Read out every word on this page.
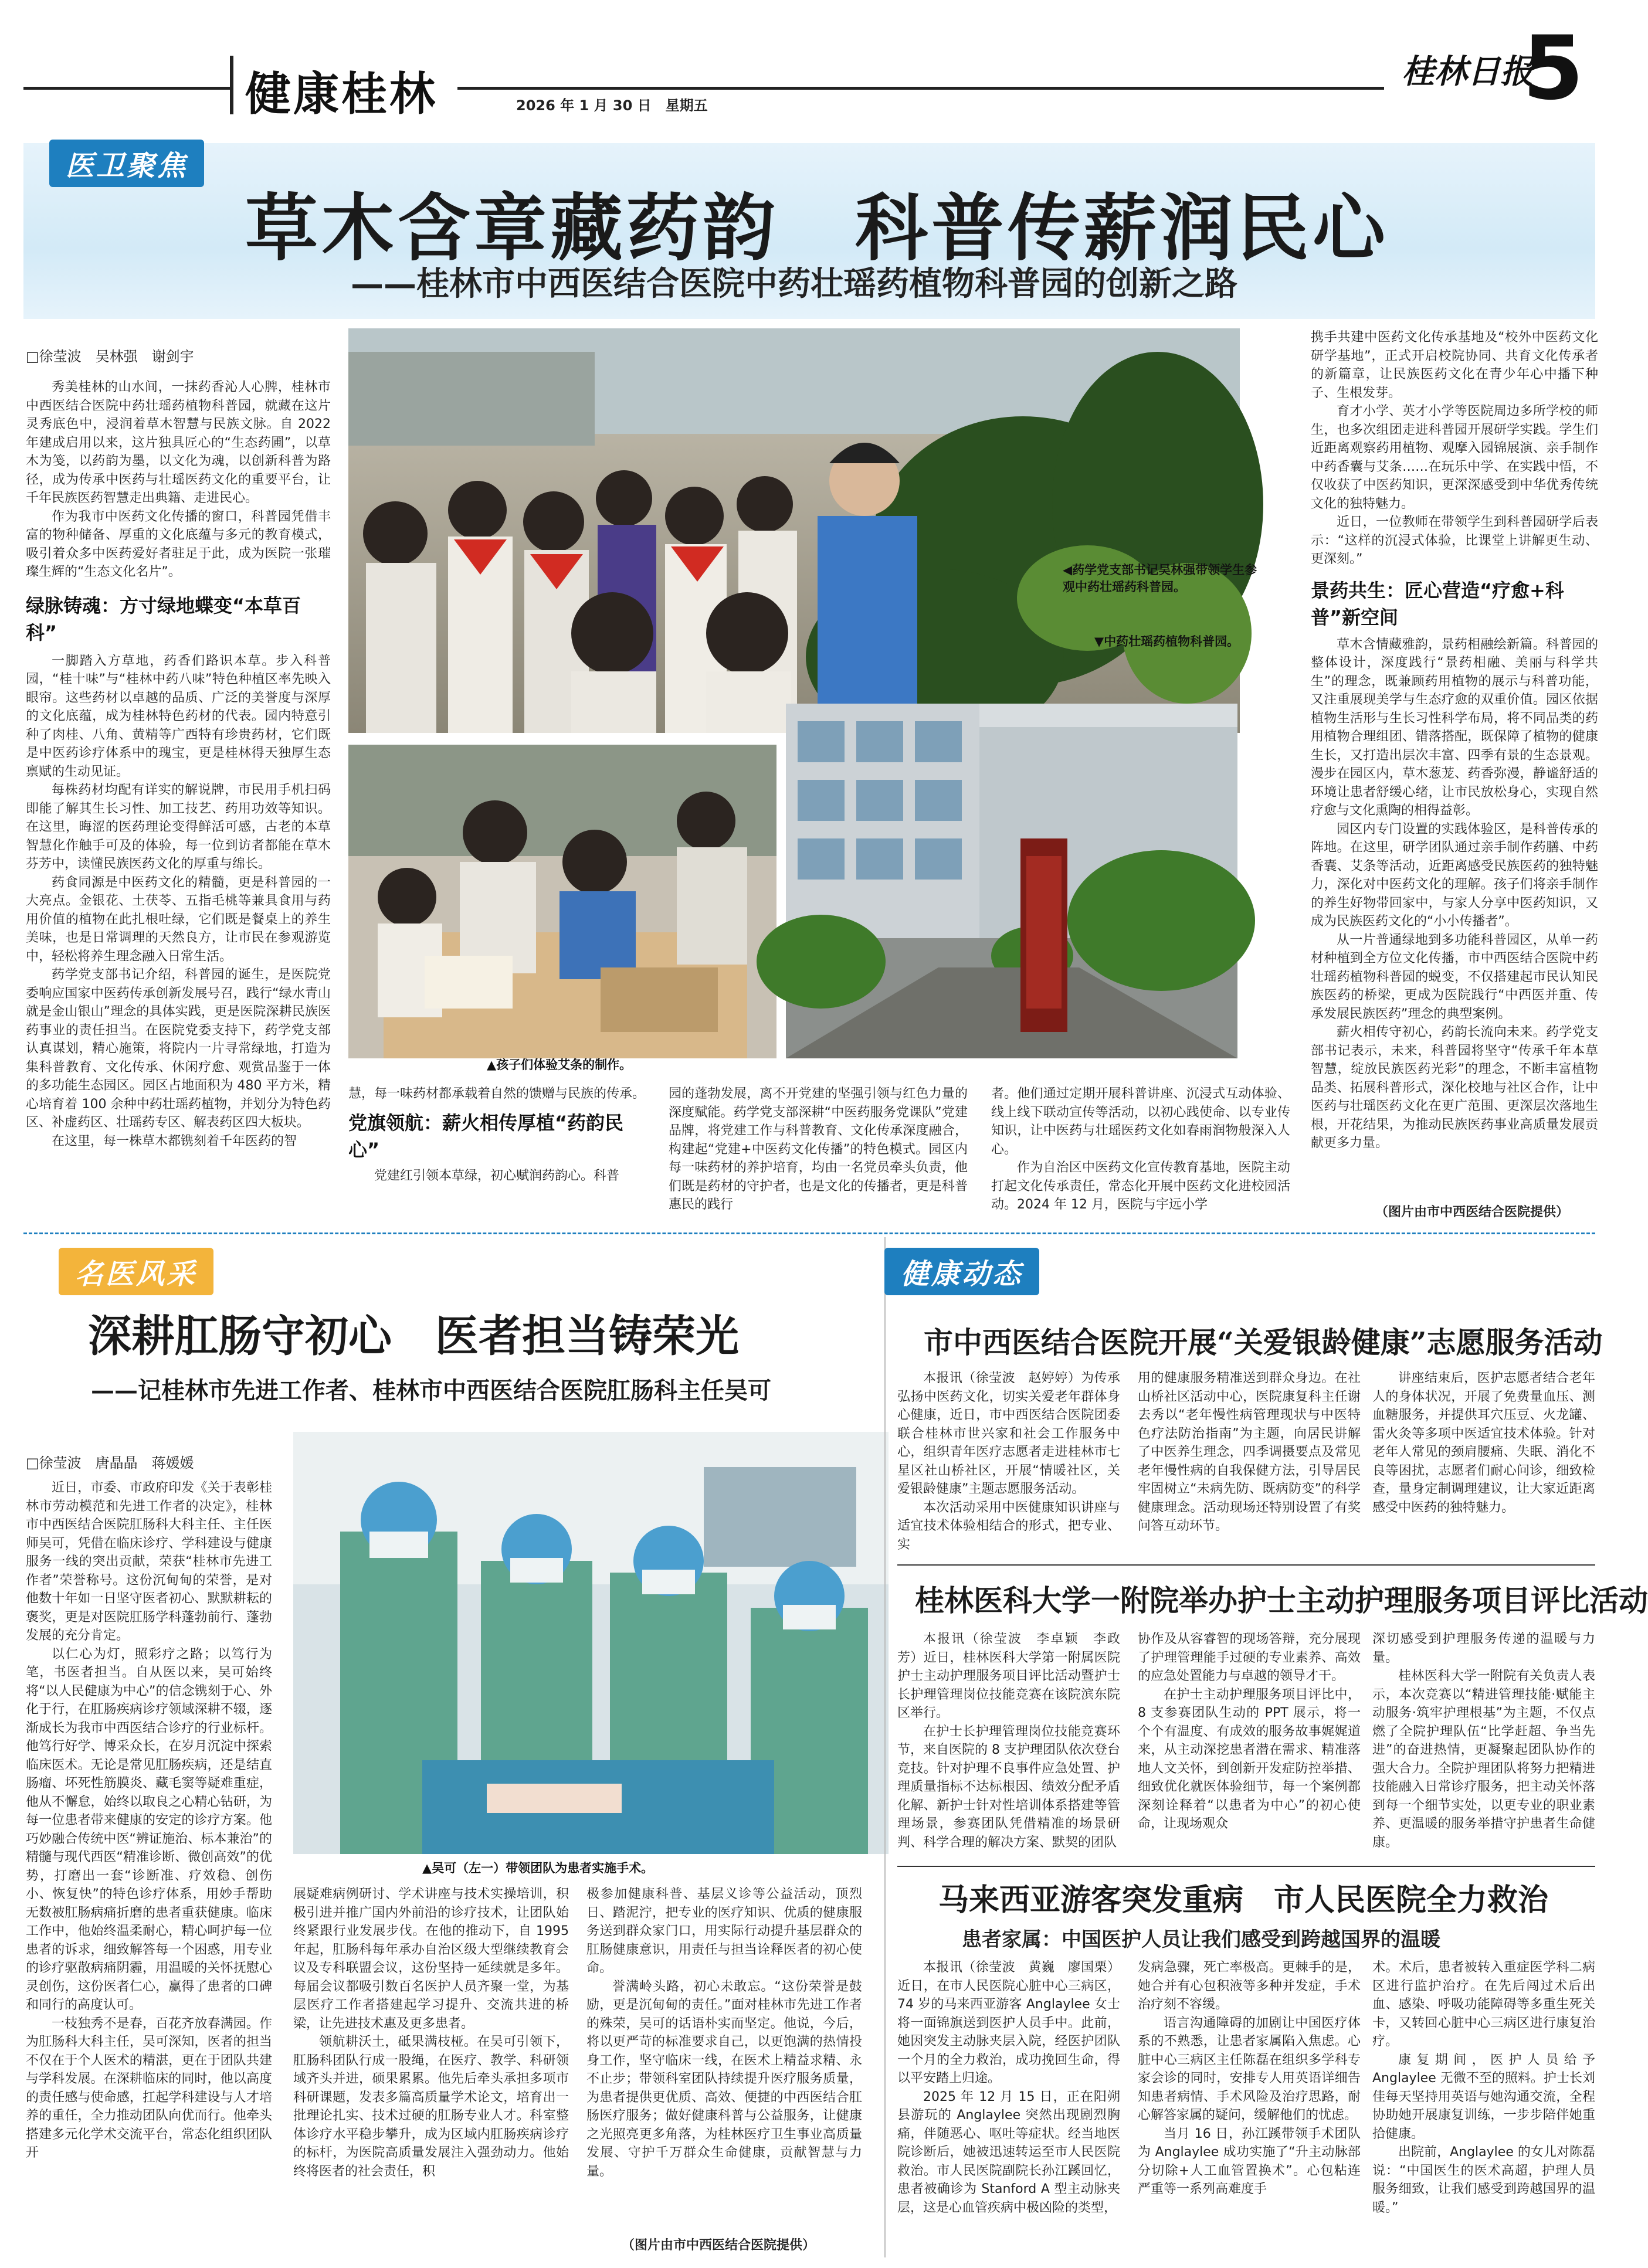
健康桂林	2026 年 1 月 30 日　星期五
桂林日报
5
医卫聚焦
草木含章藏药韵　科普传薪润民心
——桂林市中西医结合医院中药壮瑶药植物科普园的创新之路
□徐莹波　吴林强　谢剑宇

秀美桂林的山水间，一抹药香沁人心脾，桂林市中西医结合医院中药壮瑶药植物科普园，就藏在这片灵秀底色中，浸润着草木智慧与民族文脉。自 2022 年建成启用以来，这片独具匠心的“生态药圃”，以草木为笺，以药韵为墨，以文化为魂，以创新科普为路径，成为传承中医药与壮瑶医药文化的重要平台，让千年民族医药智慧走出典籍、走进民心。

作为我市中医药文化传播的窗口，科普园凭借丰富的物种储备、厚重的文化底蕴与多元的教育模式，吸引着众多中医药爱好者驻足于此，成为医院一张璀璨生辉的“生态文化名片”。

绿脉铸魂：方寸绿地蝶变“本草百科”

一脚踏入方草地，药香们路识本草。步入科普园，“桂十味”与“桂林中药八味”特色种植区率先映入眼帘。这些药材以卓越的品质、广泛的美誉度与深厚的文化底蕴，成为桂林特色药材的代表。园内特意引种了肉桂、八角、黄精等广西特有珍贵药材，它们既是中医药诊疗体系中的瑰宝，更是桂林得天独厚生态禀赋的生动见证。

每株药材均配有详实的解说牌，市民用手机扫码即能了解其生长习性、加工技艺、药用功效等知识。在这里，晦涩的医药理论变得鲜活可感，古老的本草智慧化作触手可及的体验，每一位到访者都能在草木芬芳中，读懂民族医药文化的厚重与绵长。

药食同源是中医药文化的精髓，更是科普园的一大亮点。金银花、土茯苓、五指毛桃等兼具食用与药用价值的植物在此扎根吐绿，它们既是餐桌上的养生美味，也是日常调理的天然良方，让市民在参观游览中，轻松将养生理念融入日常生活。

药学党支部书记介绍，科普园的诞生，是医院党委响应国家中医药传承创新发展号召，践行“绿水青山就是金山银山”理念的具体实践，更是医院深耕民族医药事业的责任担当。在医院党委支持下，药学党支部认真谋划，精心施策，将院内一片寻常绿地，打造为集科普教育、文化传承、休闲疗愈、观赏品鉴于一体的多功能生态园区。园区占地面积为 480 平方米，精心培育着 100 余种中药壮瑶药植物，并划分为特色药区、补虚药区、壮瑶药专区、解表药区四大板块。

在这里，每一株草木都镌刻着千年医药的智

◀药学党支部书记吴林强带领学生参观中药壮瑶药科普园。
▼中药壮瑶药植物科普园。
▲孩子们体验艾条的制作。

慧，每一味药材都承载着自然的馈赠与民族的传承。

党旗领航：薪火相传厚植“药韵民心”

党建红引领本草绿，初心赋润药韵心。科普

园的蓬勃发展，离不开党建的坚强引领与红色力量的深度赋能。药学党支部深耕“中医药服务党课队”党建品牌，将党建工作与科普教育、文化传承深度融合，构建起“党建+中医药文化传播”的特色模式。园区内每一味药材的养护培育，均由一名党员牵头负责，他们既是药材的守护者，也是文化的传播者，更是科普惠民的践行

者。他们通过定期开展科普讲座、沉浸式互动体验、线上线下联动宣传等活动，以初心践使命、以专业传知识，让中医药与壮瑶医药文化如春雨润物般深入人心。

作为自治区中医药文化宣传教育基地，医院主动打起文化传承责任，常态化开展中医药文化进校园活动。2024 年 12 月，医院与宇远小学

携手共建中医药文化传承基地及“校外中医药文化研学基地”，正式开启校院协同、共育文化传承者的新篇章，让民族医药文化在青少年心中播下种子、生根发芽。

育才小学、英才小学等医院周边多所学校的师生，也多次组团走进科普园开展研学实践。学生们近距离观察药用植物、观摩入园锦展演、亲手制作中药香囊与艾条……在玩乐中学、在实践中悟，不仅收获了中医药知识，更深深感受到中华优秀传统文化的独特魅力。

近日，一位教师在带领学生到科普园研学后表示：“这样的沉浸式体验，比课堂上讲解更生动、更深刻。”

景药共生：匠心营造“疗愈+科普”新空间

草木含情藏雅韵，景药相融绘新篇。科普园的整体设计，深度践行“景药相融、美丽与科学共生”的理念，既兼顾药用植物的展示与科普功能，又注重展现美学与生态疗愈的双重价值。园区依据植物生活形与生长习性科学布局，将不同品类的药用植物合理组团、错落搭配，既保障了植物的健康生长，又打造出层次丰富、四季有景的生态景观。漫步在园区内，草木葱茏、药香弥漫，静谧舒适的环境让患者舒缓心绪，让市民放松身心，实现自然疗愈与文化熏陶的相得益彰。

园区内专门设置的实践体验区，是科普传承的阵地。在这里，研学团队通过亲手制作药膳、中药香囊、艾条等活动，近距离感受民族医药的独特魅力，深化对中医药文化的理解。孩子们将亲手制作的养生好物带回家中，与家人分享中医药知识，又成为民族医药文化的“小小传播者”。

从一片普通绿地到多功能科普园区，从单一药材种植到全方位文化传播，市中西医结合医院中药壮瑶药植物科普园的蜕变，不仅搭建起市民认知民族医药的桥梁，更成为医院践行“中西医并重、传承发展民族医药”理念的典型案例。

薪火相传守初心，药韵长流向未来。药学党支部书记表示，未来，科普园将坚守“传承千年本草智慧，绽放民族医药光彩”的理念，不断丰富植物品类、拓展科普形式，深化校地与社区合作，让中医药与壮瑶医药文化在更广范围、更深层次落地生根，开花结果，为推动民族医药事业高质量发展贡献更多力量。

（图片由市中西医结合医院提供）
名医风采
深耕肛肠守初心　医者担当铸荣光
——记桂林市先进工作者、桂林市中西医结合医院肛肠科主任吴可
□徐莹波　唐晶晶　蒋媛媛

近日，市委、市政府印发《关于表彰桂林市劳动模范和先进工作者的决定》，桂林市中西医结合医院肛肠科大科主任、主任医师吴可，凭借在临床诊疗、学科建设与健康服务一线的突出贡献，荣获“桂林市先进工作者”荣誉称号。这份沉甸甸的荣誉，是对他数十年如一日坚守医者初心、默默耕耘的褒奖，更是对医院肛肠学科蓬勃前行、蓬勃发展的充分肯定。

以仁心为灯，照彩疗之路；以笃行为笔，书医者担当。自从医以来，吴可始终将“以人民健康为中心”的信念镌刻于心、外化于行，在肛肠疾病诊疗领域深耕不辍，逐渐成长为我市中西医结合诊疗的行业标杆。他笃行好学、博采众长，在岁月沉淀中探索临床医术。无论是常见肛肠疾病，还是结直肠瘤、坏死性筋膜炎、藏毛窦等疑难重症，他从不懈怠，始终以取良之心精心钻研，为每一位患者带来健康的安定的诊疗方案。他巧妙融合传统中医“辨证施治、标本兼治”的精髓与现代西医“精准诊断、微创高效”的优势，打磨出一套“诊断准、疗效稳、创伤小、恢复快”的特色诊疗体系，用妙手帮助无数被肛肠病痛折磨的患者重获健康。临床工作中，他始终温柔耐心，精心呵护每一位患者的诉求，细致解答每一个困惑，用专业的诊疗驱散病痛阴霾，用温暖的关怀抚慰心灵创伤，这份医者仁心，赢得了患者的口碑和同行的高度认可。

一枝独秀不是春，百花齐放春满园。作为肛肠科大科主任，吴可深知，医者的担当不仅在于个人医术的精湛，更在于团队共建与学科发展。在深耕临床的同时，他以高度的责任感与使命感，扛起学科建设与人才培养的重任，全力推动团队向优而行。他牵头搭建多元化学术交流平台，常态化组织团队开

▲吴可（左一）带领团队为患者实施手术。

展疑难病例研讨、学术讲座与技术实操培训，积极引进并推广国内外前沿的诊疗技术，让团队始终紧跟行业发展步伐。在他的推动下，自 1995 年起，肛肠科每年承办自治区级大型继续教育会议及专科联盟会议，这份坚持一延续就是多年。每届会议都吸引数百名医护人员齐聚一堂，为基层医疗工作者搭建起学习提升、交流共进的桥梁，让先进技术惠及更多患者。

领航耕沃土，砥果满枝桠。在吴可引领下，肛肠科团队行成一股绳，在医疗、教学、科研领域齐头并进，硕果累累。他先后牵头承担多项市科研课题，发表多篇高质量学术论文，培育出一批理论扎实、技术过硬的肛肠专业人才。科室整体诊疗水平稳步攀升，成为区域内肛肠疾病诊疗的标杆，为医院高质量发展注入强劲动力。他始终将医者的社会责任，积

极参加健康科普、基层义诊等公益活动，顶烈日、踏泥泞，把专业的医疗知识、优质的健康服务送到群众家门口，用实际行动提升基层群众的肛肠健康意识，用责任与担当诠释医者的初心使命。

誉满岭头路，初心未敢忘。“这份荣誉是鼓励，更是沉甸甸的责任。”面对桂林市先进工作者的殊荣，吴可的话语朴实而坚定。他说，今后，将以更严苛的标准要求自己，以更饱满的热情投身工作，坚守临床一线，在医术上精益求精、永不止步；带领科室团队持续提升医疗服务质量，为患者提供更优质、高效、便捷的中西医结合肛肠医疗服务；做好健康科普与公益服务，让健康之光照亮更多角落，为桂林医疗卫生事业高质量发展、守护千万群众生命健康，贡献智慧与力量。

（图片由市中西医结合医院提供）
健康动态
市中西医结合医院开展“关爱银龄健康”志愿服务活动

本报讯（徐莹波　赵婷婷）为传承弘扬中医药文化，切实关爱老年群体身心健康，近日，市中西医结合医院团委联合桂林市世兴家和社会工作服务中心，组织青年医疗志愿者走进桂林市七星区社山桥社区，开展“情暖社区，关爱银龄健康”主题志愿服务活动。

本次活动采用中医健康知识讲座与适宜技术体验相结合的形式，把专业、实

用的健康服务精准送到群众身边。在社山桥社区活动中心，医院康复科主任谢去秀以“老年慢性病管理现状与中医特色疗法防治指南”为主题，向居民讲解了中医养生理念，四季调摄要点及常见老年慢性病的自我保健方法，引导居民牢固树立“未病先防、既病防变”的科学健康理念。活动现场还特别设置了有奖问答互动环节。

讲座结束后，医护志愿者结合老年人的身体状况，开展了免费量血压、测血糖服务，并提供耳穴压豆、火龙罐、雷火灸等多项中医适宜技术体验。针对老年人常见的颈肩腰痛、失眠、消化不良等困扰，志愿者们耐心问诊，细致检查，量身定制调理建议，让大家近距离感受中医药的独特魅力。

桂林医科大学一附院举办护士主动护理服务项目评比活动

本报讯（徐莹波　李卓颖　李政芳）近日，桂林医科大学第一附属医院护士主动护理服务项目评比活动暨护士长护理管理岗位技能竞赛在该院滨东院区举行。

在护士长护理管理岗位技能竞赛环节，来自医院的 8 支护理团队依次登台竞技。针对护理不良事件应急处置、护理质量指标不达标根因、绩效分配矛盾化解、新护士针对性培训体系搭建等管理场景，参赛团队凭借精准的场景研判、科学合理的解决方案、默契的团队

协作及从容睿智的现场答辩，充分展现了护理管理能手过硬的专业素养、高效的应急处置能力与卓越的领导才干。

在护士主动护理服务项目评比中，8 支参赛团队生动的 PPT 展示，将一个个有温度、有成效的服务故事娓娓道来，从主动深挖患者潜在需求、精准落地人文关怀，到创新开发症防控举措、细致优化就医体验细节，每一个案例都深刻诠释着“以患者为中心”的初心使命，让现场观众

深切感受到护理服务传递的温暖与力量。

桂林医科大学一附院有关负责人表示，本次竞赛以“精进管理技能·赋能主动服务·筑牢护理根基”为主题，不仅点燃了全院护理队伍“比学赶超、争当先进”的奋进热情，更凝聚起团队协作的强大合力。全院护理团队将努力把精进技能融入日常诊疗服务，把主动关怀落到每一个细节实处，以更专业的职业素养、更温暖的服务举措守护患者生命健康。

马来西亚游客突发重病　市人民医院全力救治
患者家属：中国医护人员让我们感受到跨越国界的温暖

本报讯（徐莹波　黄巍　廖国栗）近日，在市人民医院心脏中心三病区，74 岁的马来西亚游客 Anglaylee 女士将一面锦旗送到医护人员手中。此前，她因突发主动脉夹层入院，经医护团队一个月的全力救治，成功挽回生命，得以平安踏上归途。

2025 年 12 月 15 日，正在阳朔县游玩的 Anglaylee 突然出现剧烈胸痛，伴随恶心、呕吐等症状。经当地医院诊断后，她被迅速转运至市人民医院救治。市人民医院副院长孙江蹊回忆，患者被确诊为 Stanford A 型主动脉夹层，这是心血管疾病中极凶险的类型，

发病急骤，死亡率极高。更棘手的是，她合并有心包积液等多种并发症，手术治疗刻不容缓。

语言沟通障碍的加剧让中国医疗体系的不熟悉，让患者家属陷入焦虑。心脏中心三病区主任陈磊在组织多学科专家会诊的同时，安排专人用英语详细告知患者病情、手术风险及治疗思路，耐心解答家属的疑问，缓解他们的忧虑。

当月 16 日，孙江蹊带领手术团队为 Anglaylee 成功实施了“升主动脉部分切除+人工血管置换术”。心包粘连严重等一系列高难度手

术。术后，患者被转入重症医学科二病区进行监护治疗。在先后闯过术后出血、感染、呼吸功能障碍等多重生死关卡，又转回心脏中心三病区进行康复治疗。

康复期间，医护人员给予 Anglaylee 无微不至的照料。护士长刘佳每天坚持用英语与她沟通交流，全程协助她开展康复训练，一步步陪伴她重拾健康。

出院前，Anglaylee 的女儿对陈磊说：“中国医生的医术高超，护理人员服务细致，让我们感受到跨越国界的温暖。”
